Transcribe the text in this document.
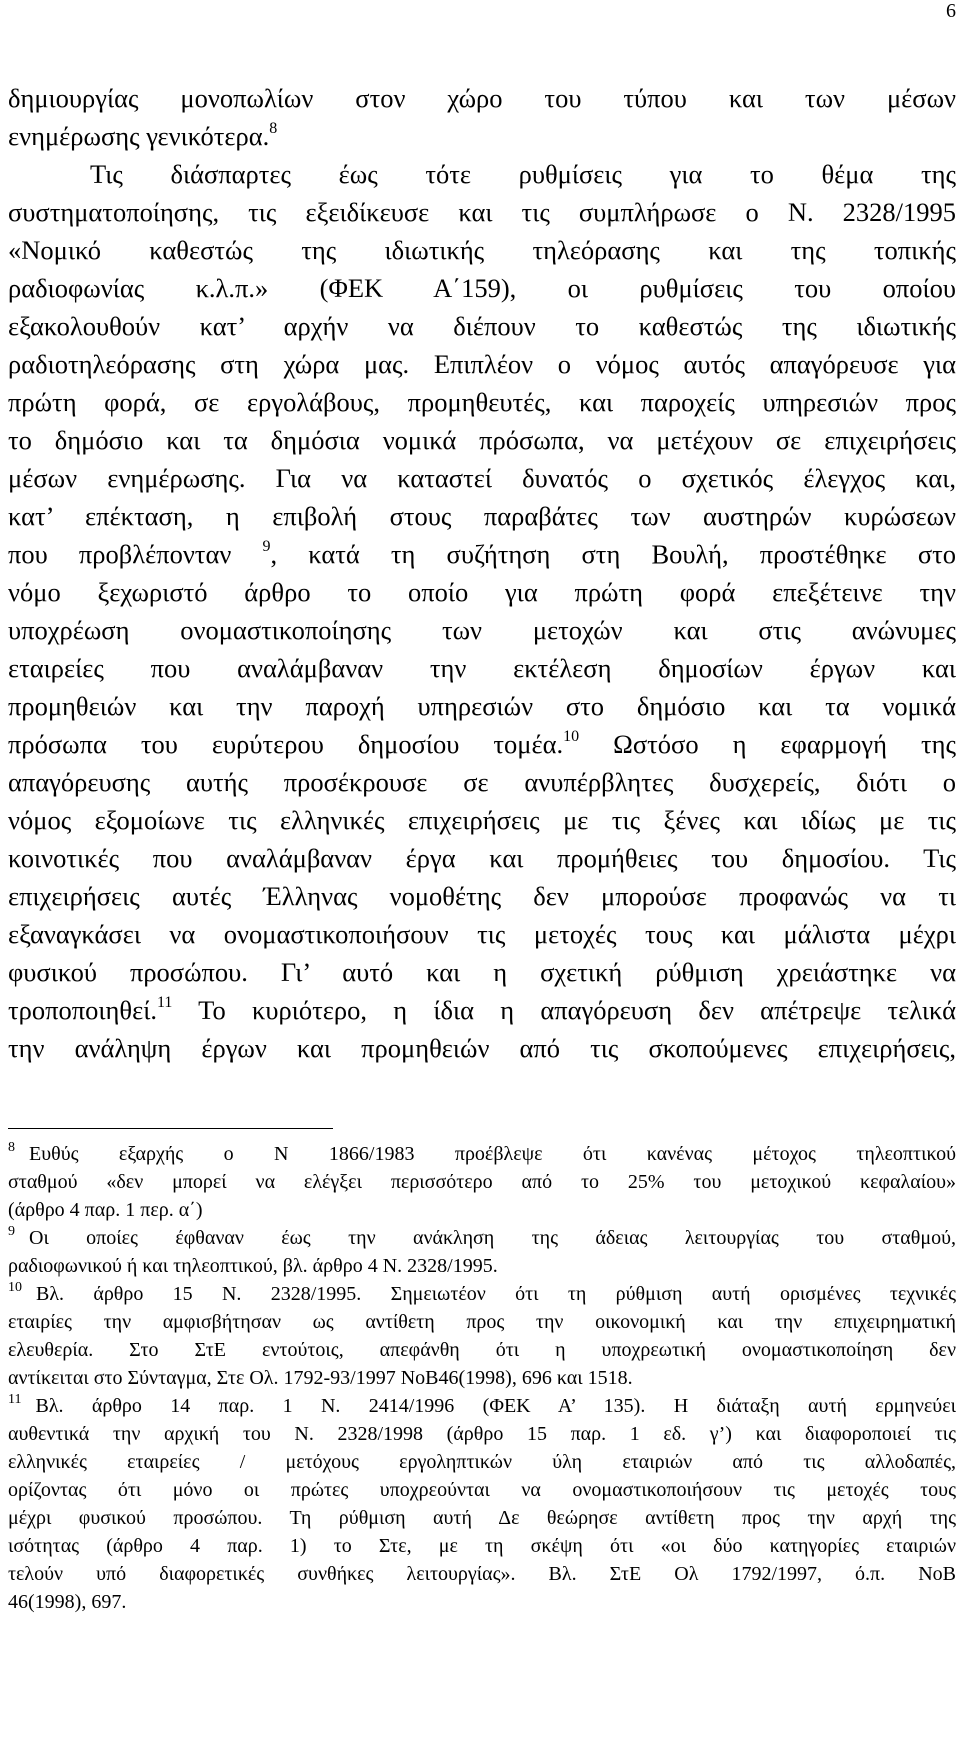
6
δημιουργίας μονοπωλίων στον χώρο του τύπου και των μέσων
ενημέρωσης γενικότερα.$^8$
Τις διάσπαρτες έως τότε ρυθμίσεις για το θέμα της
συστηματοποίησης, τις εξειδίκευσε και τις συμπλήρωσε ο Ν. 2328/1995
«Νομικό καθεστώς της ιδιωτικής τηλεόρασης και της τοπικής
ραδιοφωνίας κ.λ.π.» (ΦΕΚ Α΄159), οι ρυθμίσεις του οποίου
εξακολουθούν κατ’ αρχήν να διέπουν το καθεστώς της ιδιωτικής
ραδιοτηλεόρασης στη χώρα μας. Επιπλέον ο νόμος αυτός απαγόρευσε για
πρώτη φορά, σε εργολάβους, προμηθευτές, και παροχείς υπηρεσιών προς
το δημόσιο και τα δημόσια νομικά πρόσωπα, να μετέχουν σε επιχειρήσεις
μέσων ενημέρωσης. Για να καταστεί δυνατός ο σχετικός έλεγχος και,
κατ’ επέκταση, η επιβολή στους παραβάτες των αυστηρών κυρώσεων
που προβλέπονταν $^9$, κατά τη συζήτηση στη Βουλή, προστέθηκε στο
νόμο ξεχωριστό άρθρο το οποίο για πρώτη φορά επεξέτεινε την
υποχρέωση ονομαστικοποίησης των μετοχών και στις ανώνυμες
εταιρείες που αναλάμβαναν την εκτέλεση δημοσίων έργων και
προμηθειών και την παροχή υπηρεσιών στο δημόσιο και τα νομικά
πρόσωπα του ευρύτερου δημοσίου τομέα.$^{10}$ Ωστόσο η εφαρμογή της
απαγόρευσης αυτής προσέκρουσε σε ανυπέρβλητες δυσχερείς, διότι ο
νόμος εξομοίωνε τις ελληνικές επιχειρήσεις με τις ξένες και ιδίως με τις
κοινοτικές που αναλάμβαναν έργα και προμήθειες του δημοσίου. Τις
επιχειρήσεις αυτές Έλληνας νομοθέτης δεν μπορούσε προφανώς να τι
εξαναγκάσει να ονομαστικοποιήσουν τις μετοχές τους και μάλιστα μέχρι
φυσικού προσώπου. Γι’ αυτό και η σχετική ρύθμιση χρειάστηκε να
τροποποιηθεί.$^{11}$ Το κυριότερο, η ίδια η απαγόρευση δεν απέτρεψε τελικά
την ανάληψη έργων και προμηθειών από τις σκοπούμενες επιχειρήσεις,
$^8$ Ευθύς εξαρχής ο Ν 1866/1983 προέβλεψε ότι κανένας μέτοχος τηλεοπτικού
σταθμού «δεν μπορεί να ελέγξει περισσότερο από το 25% του μετοχικού κεφαλαίου»
(άρθρο 4 παρ. 1 περ. α΄)
$^9$ Οι οποίες έφθαναν έως την ανάκληση της άδειας λειτουργίας του σταθμού,
ραδιοφωνικού ή και τηλεοπτικού, βλ. άρθρο 4 Ν. 2328/1995.
$^{10}$ Βλ. άρθρο 15 Ν. 2328/1995. Σημειωτέον ότι τη ρύθμιση αυτή ορισμένες τεχνικές
εταιρίες την αμφισβήτησαν ως αντίθετη προς την οικονομική και την επιχειρηματική
ελευθερία. Στο ΣτΕ εντούτοις, απεφάνθη ότι η υποχρεωτική ονομαστικοποίηση δεν
αντίκειται στο Σύνταγμα, Στε Ολ. 1792-93/1997 ΝοΒ46(1998), 696 και 1518.
$^{11}$ Βλ. άρθρο 14 παρ. 1 Ν. 2414/1996 (ΦΕΚ Α’ 135). Η διάταξη αυτή ερμηνεύει
αυθεντικά την αρχική του Ν. 2328/1998 (άρθρο 15 παρ. 1 εδ. γ’) και διαφοροποιεί τις
ελληνικές εταιρείες / μετόχους εργοληπτικών ύλη εταιριών από τις αλλοδαπές,
ορίζοντας ότι μόνο οι πρώτες υποχρεούνται να ονομαστικοποιήσουν τις μετοχές τους
μέχρι φυσικού προσώπου. Τη ρύθμιση αυτή Δε θεώρησε αντίθετη προς την αρχή της
ισότητας (άρθρο 4 παρ. 1) το Στε, με τη σκέψη ότι «οι δύο κατηγορίες εταιριών
τελούν υπό διαφορετικές συνθήκες λειτουργίας». Βλ. ΣτΕ Ολ 1792/1997, ό.π. ΝοΒ
46(1998), 697.
